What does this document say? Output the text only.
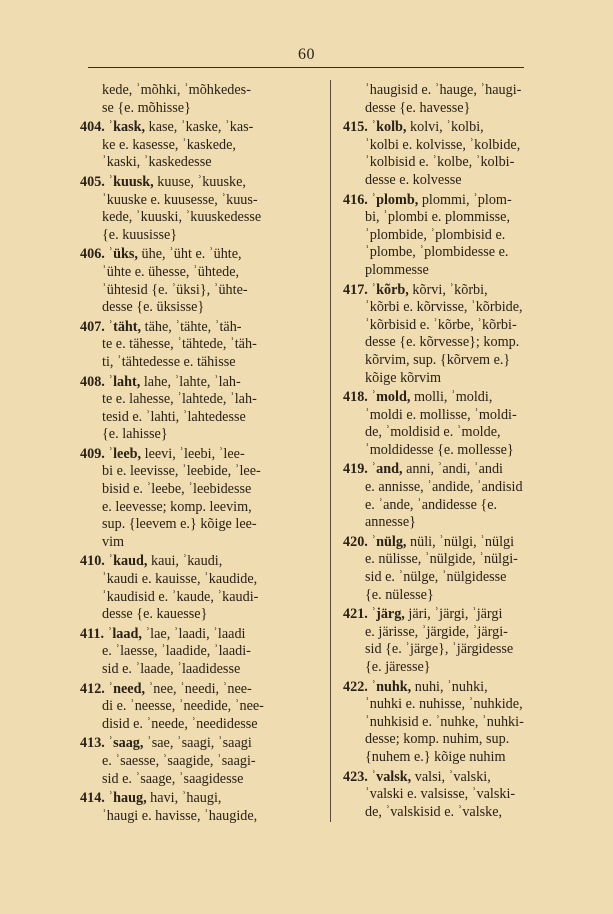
60
kede, ʾmõhki, ʾmõhkedes-
se {e. mõhisse}
404. ʾkask, kase, ʾkaske, ʾkas-
ke e. kasesse, ʾkaskede,
ʾkaski, ʾkaskedesse
405. ʾkuusk, kuuse, ʾkuuske,
ʾkuuske e. kuusesse, ʾkuus-
kede, ʾkuuski, ʾkuuskedesse
{e. kuusisse}
406. ʾüks, ühe, ʾüht e. ʾühte,
ʾühte e. ühesse, ʾühtede,
ʾühtesid {e. ʾüksi}, ʾühte-
desse {e. üksisse}
407. ʾtäht, tähe, ʾtähte, ʾtäh-
te e. tähesse, ʾtähtede, ʾtäh-
ti, ʾtähtedesse e. tähisse
408. ʾlaht, lahe, ʾlahte, ʾlah-
te e. lahesse, ʾlahtede, ʾlah-
tesid e. ʾlahti, ʾlahtedesse
{e. lahisse}
409. ʾleeb, leevi, ʾleebi, ʾlee-
bi e. leevisse, ʾleebide, ʾlee-
bisid e. ʾleebe, ʾleebidesse
e. leevesse; komp. leevim,
sup. {leevem e.} kõige lee-
vim
410. ʾkaud, kaui, ʾkaudi,
ʾkaudi e. kauisse, ʾkaudide,
ʾkaudisid e. ʾkaude, ʾkaudi-
desse {e. kauesse}
411. ʾlaad, ʾlae, ʾlaadi, ʾlaadi
e. ʾlaesse, ʾlaadide, ʾlaadi-
sid e. ʾlaade, ʾlaadidesse
412. ʾneed, ʾnee, ʾneedi, ʾnee-
di e. ʾneesse, ʾneedide, ʾnee-
disid e. ʾneede, ʾneedidesse
413. ʾsaag, ʾsae, ʾsaagi, ʾsaagi
e. ʾsaesse, ʾsaagide, ʾsaagi-
sid e. ʾsaage, ʾsaagidesse
414. ʾhaug, havi, ʾhaugi,
ʾhaugi e. havisse, ʾhaugide,
ʾhaugisid e. ʾhauge, ʾhaugi-
desse {e. havesse}
415. ʾkolb, kolvi, ʾkolbi,
ʾkolbi e. kolvisse, ʾkolbide,
ʾkolbisid e. ʾkolbe, ʾkolbi-
desse e. kolvesse
416. ʾplomb, plommi, ʾplom-
bi, ʾplombi e. plommisse,
ʾplombide, ʾplombisid e.
ʾplombe, ʾplombidesse e.
plommesse
417. ʾkõrb, kõrvi, ʾkõrbi,
ʾkõrbi e. kõrvisse, ʾkõrbide,
ʾkõrbisid e. ʾkõrbe, ʾkõrbi-
desse {e. kõrvesse}; komp.
kõrvim, sup. {kõrvem e.}
kõige kõrvim
418. ʾmold, molli, ʾmoldi,
ʾmoldi e. mollisse, ʾmoldi-
de, ʾmoldisid e. ʾmolde,
ʾmoldidesse {e. mollesse}
419. ʾand, anni, ʾandi, ʾandi
e. annisse, ʾandide, ʾandisid
e. ʾande, ʾandidesse {e.
annesse}
420. ʾnülg, nüli, ʾnülgi, ʾnülgi
e. nülisse, ʾnülgide, ʾnülgi-
sid e. ʾnülge, ʾnülgidesse
{e. nülesse}
421. ʾjärg, järi, ʾjärgi, ʾjärgi
e. järisse, ʾjärgide, ʾjärgi-
sid {e. ʾjärge}, ʾjärgidesse
{e. järesse}
422. ʾnuhk, nuhi, ʾnuhki,
ʾnuhki e. nuhisse, ʾnuhkide,
ʾnuhkisid e. ʾnuhke, ʾnuhki-
desse; komp. nuhim, sup.
{nuhem e.} kõige nuhim
423. ʾvalsk, valsi, ʾvalski,
ʾvalski e. valsisse, ʾvalski-
de, ʾvalskisid e. ʾvalske,
